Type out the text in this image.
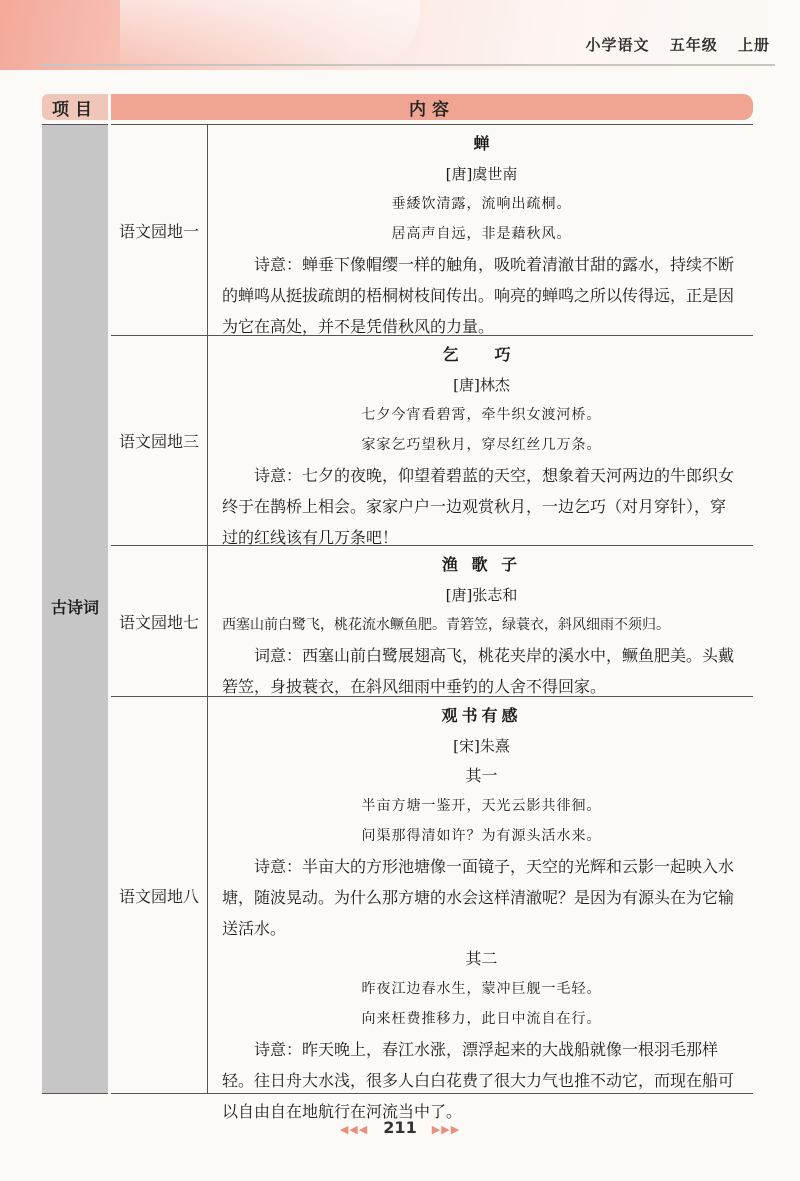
小学语文 五年级 上册
项目	内容
古诗词
语文园地一
蝉
[唐]虞世南
垂緌饮清露，流响出疏桐。
居高声自远，非是藉秋风。

诗意：蝉垂下像帽缨一样的触角，吸吮着清澈甘甜的露水，持续不断的蝉鸣从挺拔疏朗的梧桐树枝间传出。响亮的蝉鸣之所以传得远，正是因为它在高处，并不是凭借秋风的力量。

语文园地三
乞　巧
[唐]林杰
七夕今宵看碧霄，牵牛织女渡河桥。
家家乞巧望秋月，穿尽红丝几万条。

诗意：七夕的夜晚，仰望着碧蓝的天空，想象着天河两边的牛郎织女终于在鹊桥上相会。家家户户一边观赏秋月，一边乞巧（对月穿针），穿过的红线该有几万条吧！

语文园地七
渔 歌 子
[唐]张志和
西塞山前白鹭飞，桃花流水鳜鱼肥。青箬笠，绿蓑衣，斜风细雨不须归。

词意：西塞山前白鹭展翅高飞，桃花夹岸的溪水中，鳜鱼肥美。头戴箬笠，身披蓑衣，在斜风细雨中垂钓的人舍不得回家。

语文园地八
观书有感
[宋]朱熹
其一
半亩方塘一鉴开，天光云影共徘徊。
问渠那得清如许？为有源头活水来。

诗意：半亩大的方形池塘像一面镜子，天空的光辉和云影一起映入水塘，随波晃动。为什么那方塘的水会这样清澈呢？是因为有源头在为它输送活水。

其二
昨夜江边春水生，蒙冲巨舰一毛轻。
向来枉费推移力，此日中流自在行。

诗意：昨天晚上，春江水涨，漂浮起来的大战船就像一根羽毛那样轻。往日舟大水浅，很多人白白花费了很大力气也推不动它，而现在船可以自由自在地航行在河流当中了。

◀◀◀ 211 ▶▶▶
